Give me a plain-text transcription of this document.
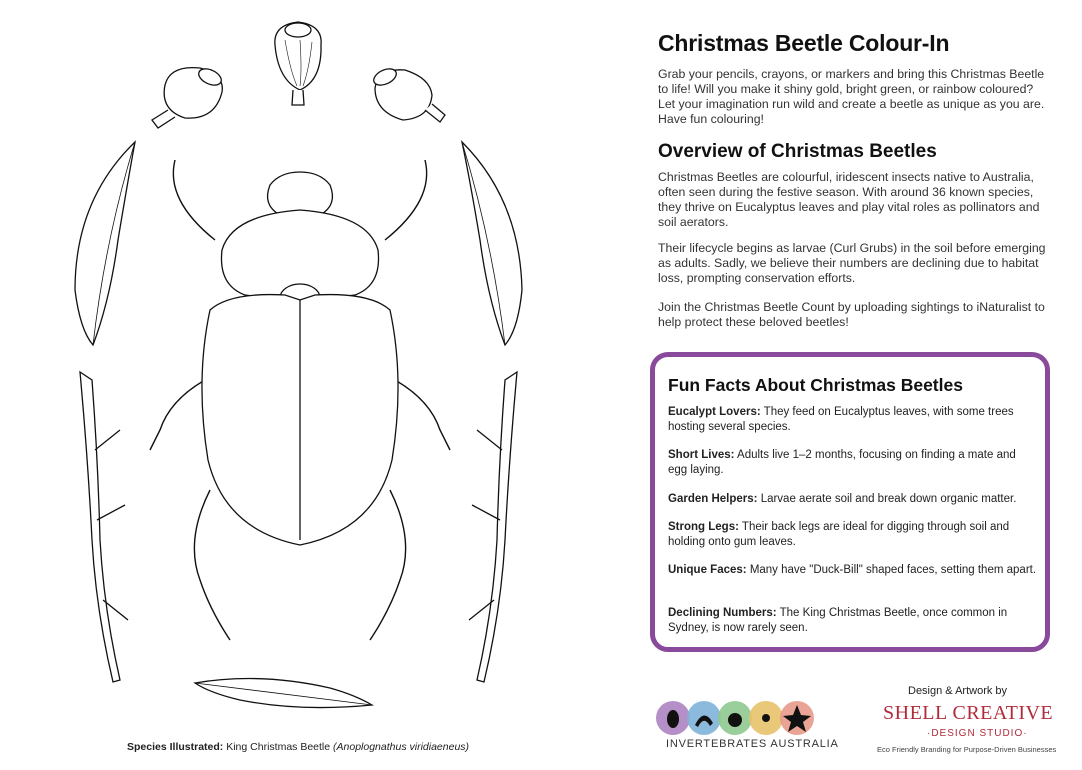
Species Illustrated: King Christmas Beetle (Anoplognathus viridiaeneus)
Christmas Beetle Colour-In

Grab your pencils, crayons, or markers and bring this Christmas Beetle to life! Will you make it shiny gold, bright green, or rainbow coloured? Let your imagination run wild and create a beetle as unique as you are. Have fun colouring!

Overview of Christmas Beetles

Christmas Beetles are colourful, iridescent insects native to Australia, often seen during the festive season. With around 36 known species, they thrive on Eucalyptus leaves and play vital roles as pollinators and soil aerators.

Their lifecycle begins as larvae (Curl Grubs) in the soil before emerging as adults. Sadly, we believe their numbers are declining due to habitat loss, prompting conservation efforts.

Join the Christmas Beetle Count by uploading sightings to iNaturalist to help protect these beloved beetles!

Fun Facts About Christmas Beetles
Eucalypt Lovers: They feed on Eucalyptus leaves, with some trees hosting several species.
Short Lives: Adults live 1–2 months, focusing on finding a mate and egg laying.
Garden Helpers: Larvae aerate soil and break down organic matter.
Strong Legs: Their back legs are ideal for digging through soil and holding onto gum leaves.
Unique Faces: Many have "Duck-Bill" shaped faces, setting them apart.
Declining Numbers: The King Christmas Beetle, once common in Sydney, is now rarely seen.
INVERTEBRATES AUSTRALIA
Design & Artwork by
SHELL CREATIVE
·DESIGN STUDIO·
Eco Friendly Branding for Purpose-Driven Businesses
